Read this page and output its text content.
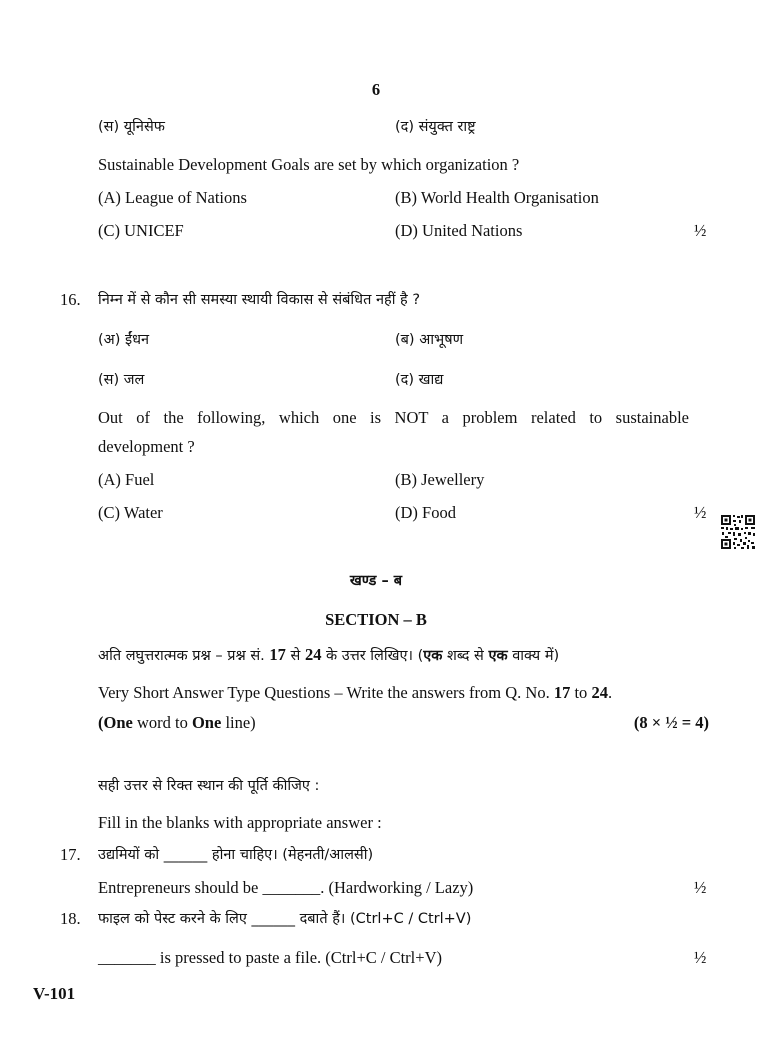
6
(स) यूनिसेफ	(द) संयुक्त राष्ट्र
Sustainable Development Goals are set by which organization ?
(A) League of Nations	(B) World Health Organisation
(C) UNICEF	(D) United Nations	½
16. निम्न में से कौन सी समस्या स्थायी विकास से संबंधित नहीं है ?
(अ) ईंधन	(ब) आभूषण
(स) जल	(द) खाद्य
Out of the following, which one is NOT a problem related to sustainable
development ?
(A) Fuel	(B) Jewellery
(C) Water	(D) Food	½
खण्ड – ब
SECTION – B
अति लघुत्तरात्मक प्रश्न – प्रश्न सं. 17 से 24 के उत्तर लिखिए। (एक शब्द से एक वाक्य में)
Very Short Answer Type Questions – Write the answers from Q. No. 17 to 24.
(One word to One line)	(8 × ½ = 4)
सही उत्तर से रिक्त स्थान की पूर्ति कीजिए :
Fill in the blanks with appropriate answer :
17. उद्यमियों को ______ होना चाहिए। (मेहनती/आलसी)
Entrepreneurs should be _______. (Hardworking / Lazy)	½
18. फाइल को पेस्ट करने के लिए ______ दबाते हैं। (Ctrl+C / Ctrl+V)
_______ is pressed to paste a file. (Ctrl+C / Ctrl+V)	½
V-101
